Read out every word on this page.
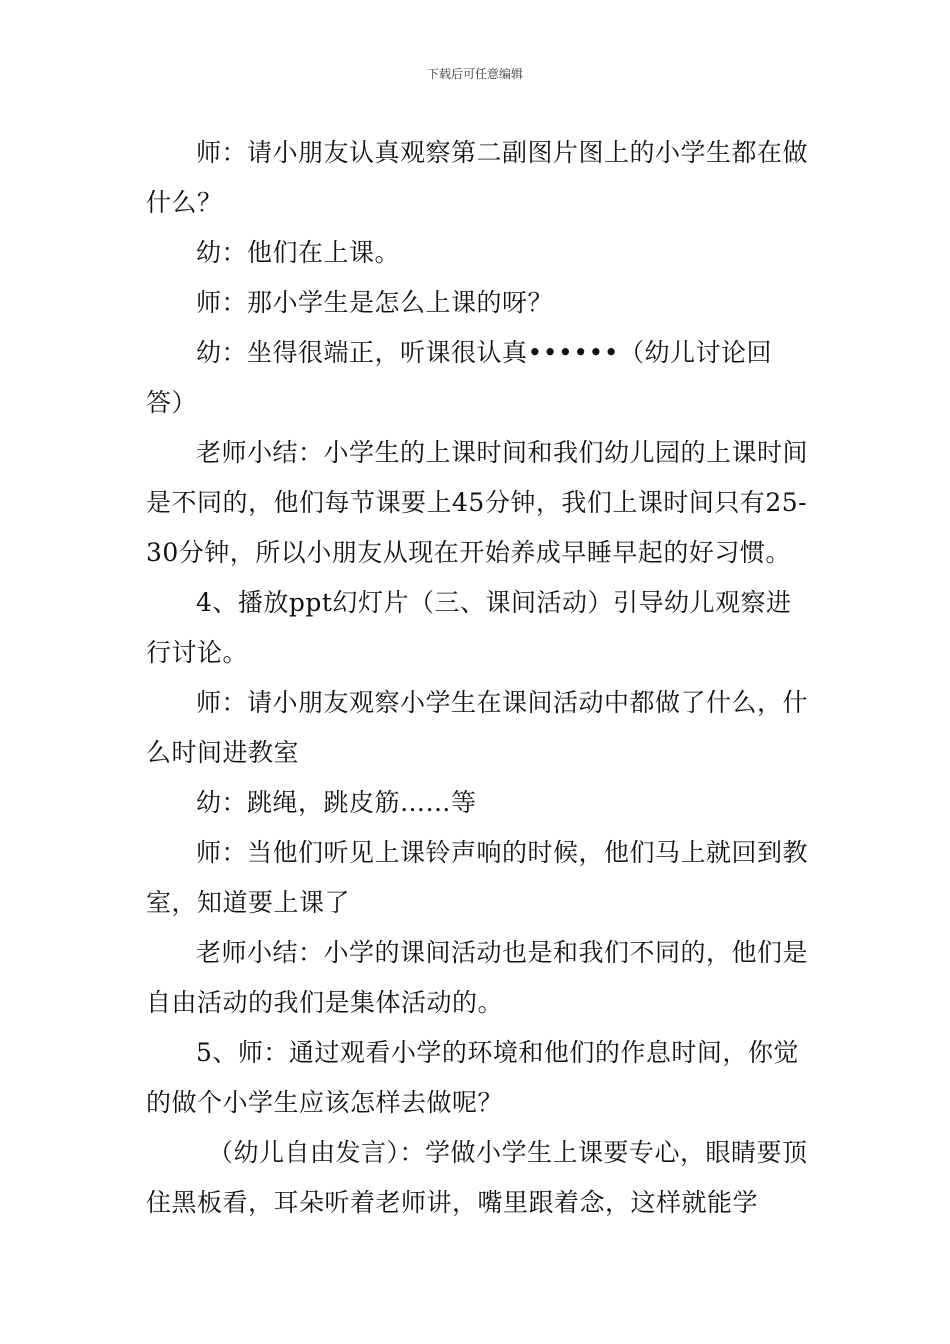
下载后可任意编辑

师：请小朋友认真观察第二副图片图上的小学生都在做什么？

幼：他们在上课。

师：那小学生是怎么上课的呀？

幼：坐得很端正，听课很认真••••••（幼儿讨论回答）

老师小结：小学生的上课时间和我们幼儿园的上课时间是不同的，他们每节课要上45分钟，我们上课时间只有25-30分钟，所以小朋友从现在开始养成早睡早起的好习惯。

4、播放ppt幻灯片（三、课间活动）引导幼儿观察进行讨论。

师：请小朋友观察小学生在课间活动中都做了什么，什么时间进教室

幼：跳绳，跳皮筋……等

师：当他们听见上课铃声响的时候，他们马上就回到教室，知道要上课了

老师小结：小学的课间活动也是和我们不同的，他们是自由活动的我们是集体活动的。

5、师：通过观看小学的环境和他们的作息时间，你觉的做个小学生应该怎样去做呢？

（幼儿自由发言）：学做小学生上课要专心，眼睛要顶住黑板看，耳朵听着老师讲，嘴里跟着念，这样就能学
